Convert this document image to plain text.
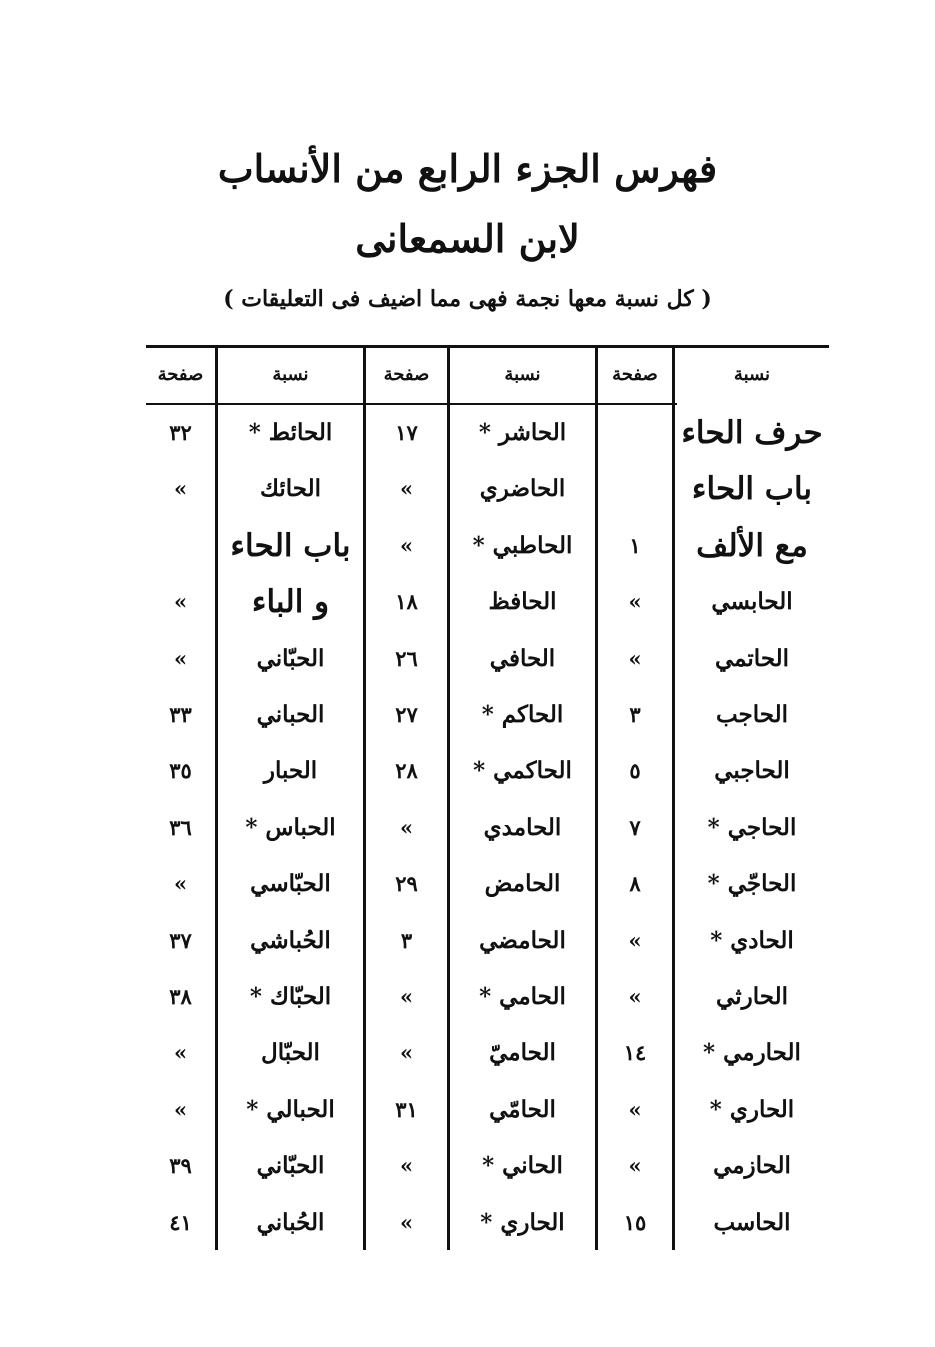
فهرس الجزء الرابع من الأنساب
لابن السمعانى
( كل نسبة معها نجمة فهى مما اضيف فى التعليقات )
نسبة
صفحة
نسبة
صفحة
نسبة
صفحة
حرف الحاء
باب الحاء
مع الألف
الحابسي
الحاتمي
الحاجب
الحاجبي
الحاجي *
الحاجّي *
الحادي *
الحارثي
الحارمي *
الحاري *
الحازمي
الحاسب
١
»
»
٣
٥
٧
٨
»
»
١٤
»
»
١٥
الحاشر *
الحاضري
الحاطبي *
الحافظ
الحافي
الحاكم *
الحاكمي *
الحامدي
الحامض
الحامضي
الحامي *
الحاميّ
الحامّي
الحاني *
الحاري *
١٧
»
»
١٨
٢٦
٢٧
٢٨
»
٢٩
٣
»
»
٣١
»
»
الحائط *
الحائك
باب الحاء
و الباء
الحبّاني
الحباني
الحبار
الحباس *
الحبّاسي
الحُباشي
الحبّاك *
الحبّال
الحبالي *
الحبّاني
الحُباني
٣٢
»
»
»
٣٣
٣٥
٣٦
»
٣٧
٣٨
»
»
٣٩
٤١
